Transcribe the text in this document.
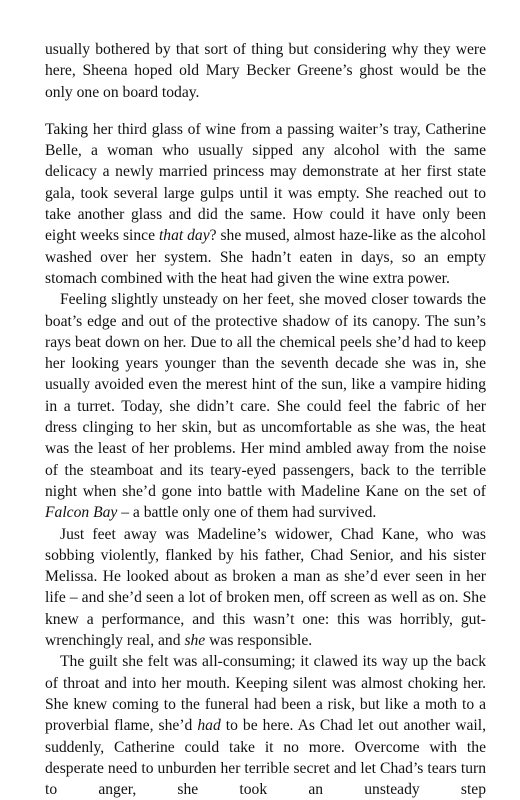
usually bothered by that sort of thing but considering why they were here, Sheena hoped old Mary Becker Greene’s ghost would be the only one on board today.

Taking her third glass of wine from a passing waiter’s tray, Catherine Belle, a woman who usually sipped any alcohol with the same delicacy a newly married princess may demonstrate at her first state gala, took several large gulps until it was empty. She reached out to take another glass and did the same. How could it have only been eight weeks since that day? she mused, almost haze-like as the alcohol washed over her system. She hadn’t eaten in days, so an empty stomach combined with the heat had given the wine extra power.

Feeling slightly unsteady on her feet, she moved closer towards the boat’s edge and out of the protective shadow of its canopy. The sun’s rays beat down on her. Due to all the chemical peels she’d had to keep her looking years younger than the seventh decade she was in, she usually avoided even the merest hint of the sun, like a vampire hiding in a turret. Today, she didn’t care. She could feel the fabric of her dress clinging to her skin, but as uncomfortable as she was, the heat was the least of her problems. Her mind ambled away from the noise of the steamboat and its teary-eyed passengers, back to the terrible night when she’d gone into battle with Madeline Kane on the set of Falcon Bay – a battle only one of them had survived.

Just feet away was Madeline’s widower, Chad Kane, who was sobbing violently, flanked by his father, Chad Senior, and his sister Melissa. He looked about as broken a man as she’d ever seen in her life – and she’d seen a lot of broken men, off screen as well as on. She knew a performance, and this wasn’t one: this was horribly, gut-wrenchingly real, and she was responsible.

The guilt she felt was all-consuming; it clawed its way up the back of throat and into her mouth. Keeping silent was almost choking her. She knew coming to the funeral had been a risk, but like a moth to a proverbial flame, she’d had to be here. As Chad let out another wail, suddenly, Catherine could take it no more. Overcome with the desperate need to unburden her terrible secret and let Chad’s tears turn to anger, she took an unsteady step
